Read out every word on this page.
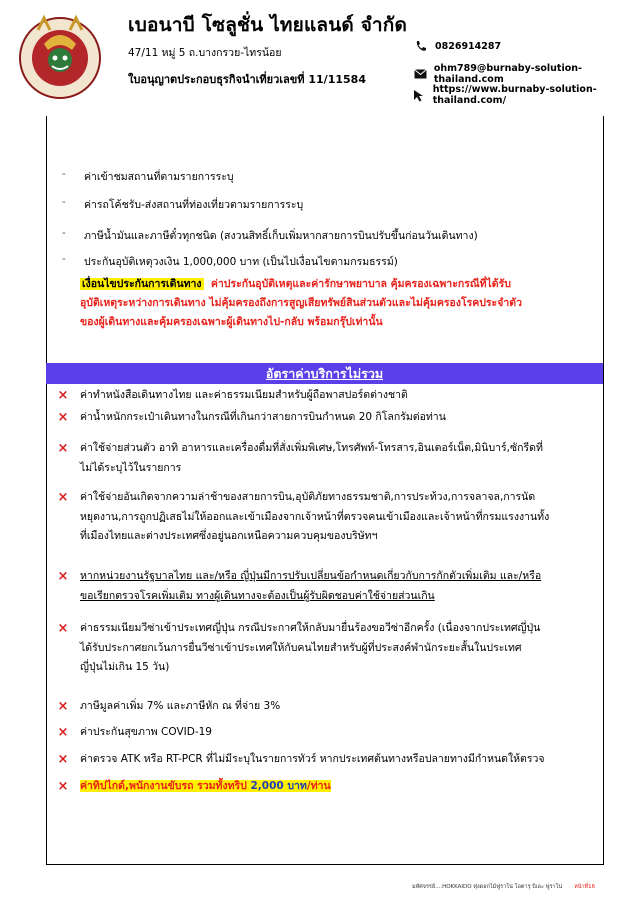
เบอนาบี โซลูชั่น ไทยแลนด์ จำกัด
47/11 หมู่ 5 ถ.บางกรวย-ไทรน้อย
ใบอนุญาตประกอบธุรกิจนำเที่ยวเลขที่ 11/11584
0826914287
ohm789@burnaby-solution-thailand.com
https://www.burnaby-solution-thailand.com/
-	ค่าเข้าชมสถานที่ตามรายการระบุ
-	ค่ารถโค้ชรับ-ส่งสถานที่ท่องเที่ยวตามรายการระบุ
-	ภาษีน้ำมันและภาษีตั๋วทุกชนิด (สงวนสิทธิ์เก็บเพิ่มหากสายการบินปรับขึ้นก่อนวันเดินทาง)
-	ประกันอุบัติเหตุวงเงิน 1,000,000 บาท (เป็นไปเงื่อนไขตามกรมธรรม์)
เงื่อนไขประกันการเดินทาง ค่าประกันอุบัติเหตุและค่ารักษาพยาบาล คุ้มครองเฉพาะกรณีที่ได้รับ
อุบัติเหตุระหว่างการเดินทาง ไม่คุ้มครองถึงการสูญเสียทรัพย์สินส่วนตัวและไม่คุ้มครองโรคประจำตัว
ของผู้เดินทางและคุ้มครองเฉพาะผู้เดินทางไป-กลับ พร้อมกรุ๊ปเท่านั้น
อัตราค่าบริการไม่รวม
×	ค่าทำหนังสือเดินทางไทย และค่าธรรมเนียมสำหรับผู้ถือพาสปอร์ตต่างชาติ
×	ค่าน้ำหนักกระเป๋าเดินทางในกรณีที่เกินกว่าสายการบินกำหนด 20 กิโลกรัมต่อท่าน
×	ค่าใช้จ่ายส่วนตัว อาทิ อาหารและเครื่องดื่มที่สั่งเพิ่มพิเศษ,โทรศัพท์-โทรสาร,อินเตอร์เน็ต,มินิบาร์,ซักรีดที่
ไม่ได้ระบุไว้ในรายการ
×	ค่าใช้จ่ายอันเกิดจากความล่าช้าของสายการบิน,อุบัติภัยทางธรรมชาติ,การประท้วง,การจลาจล,การนัด
หยุดงาน,การถูกปฏิเสธไม่ให้ออกและเข้าเมืองจากเจ้าหน้าที่ตรวจคนเข้าเมืองและเจ้าหน้าที่กรมแรงงานทั้ง
ที่เมืองไทยและต่างประเทศซึ่งอยู่นอกเหนือความควบคุมของบริษัทฯ
×	หากหน่วยงานรัฐบาลไทย และ/หรือ ญี่ปุ่นมีการปรับเปลี่ยนข้อกำหนดเกี่ยวกับการกักตัวเพิ่มเติม และ/หรือ
ขอเรียกตรวจโรคเพิ่มเติม ทางผู้เดินทางจะต้องเป็นผู้รับผิดชอบค่าใช้จ่ายส่วนเกิน
×	ค่าธรรมเนียมวีซ่าเข้าประเทศญี่ปุ่น กรณีประกาศให้กลับมายื่นร้องขอวีซ่าอีกครั้ง (เนื่องจากประเทศญี่ปุ่น
ได้รับประกาศยกเว้นการยื่นวีซ่าเข้าประเทศให้กับคนไทยสำหรับผู้ที่ประสงค์พำนักระยะสั้นในประเทศ
ญี่ปุ่นไม่เกิน 15 วัน)
×	ภาษีมูลค่าเพิ่ม 7% และภาษีหัก ณ ที่จ่าย 3%
×	ค่าประกันสุขภาพ COVID-19
×	ค่าตรวจ ATK หรือ RT-PCR ที่ไม่มีระบุในรายการทัวร์ หากประเทศต้นทางหรือปลายทางมีกำหนดให้ตรวจ
×	ค่าทิปไกด์,พนักงานขับรถ รวมทั้งทริป 2,000 บาท/ท่าน
มหัศจรรย์....HOKKAIDO ทุ่งดอกไม้ฟูราโน่ โอตารุ บิเอะ ฟูราโน่ หน้าที่16
